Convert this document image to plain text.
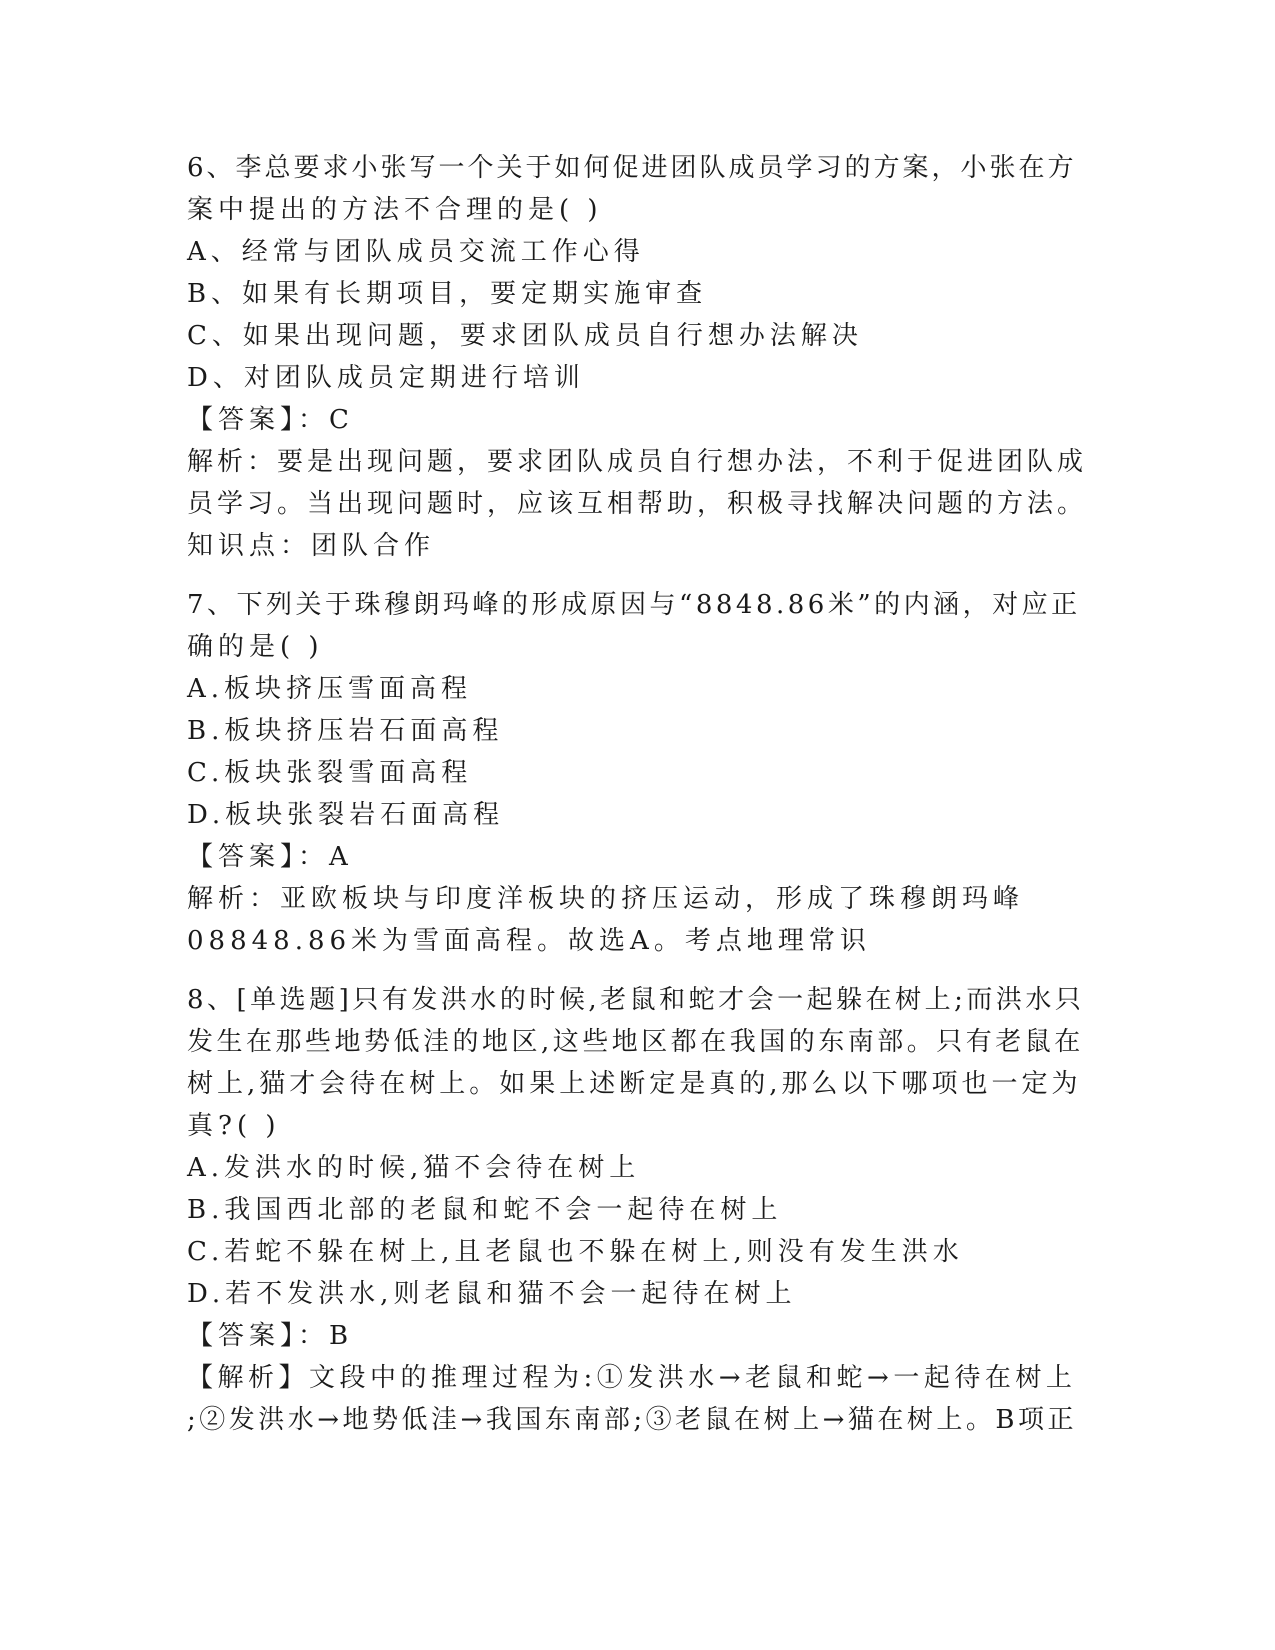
6、李总要求小张写一个关于如何促进团队成员学习的方案，小张在方
案中提出的方法不合理的是( )
A、经常与团队成员交流工作心得
B、如果有长期项目，要定期实施审查
C、如果出现问题，要求团队成员自行想办法解决
D、对团队成员定期进行培训
【答案】：C
解析：要是出现问题，要求团队成员自行想办法，不利于促进团队成
员学习。当出现问题时，应该互相帮助，积极寻找解决问题的方法。
知识点：团队合作
7、下列关于珠穆朗玛峰的形成原因与“8848.86米”的内涵，对应正
确的是( )
A.板块挤压雪面高程
B.板块挤压岩石面高程
C.板块张裂雪面高程
D.板块张裂岩石面高程
【答案】：A
解析：亚欧板块与印度洋板块的挤压运动，形成了珠穆朗玛峰
08848.86米为雪面高程。故选A。考点地理常识
8、[单选题]只有发洪水的时候,老鼠和蛇才会一起躲在树上;而洪水只
发生在那些地势低洼的地区,这些地区都在我国的东南部。只有老鼠在
树上,猫才会待在树上。如果上述断定是真的,那么以下哪项也一定为
真?( )
A.发洪水的时候,猫不会待在树上
B.我国西北部的老鼠和蛇不会一起待在树上
C.若蛇不躲在树上,且老鼠也不躲在树上,则没有发生洪水
D.若不发洪水,则老鼠和猫不会一起待在树上
【答案】：B
【解析】文段中的推理过程为:①发洪水→老鼠和蛇→一起待在树上
;②发洪水→地势低洼→我国东南部;③老鼠在树上→猫在树上。B项正
